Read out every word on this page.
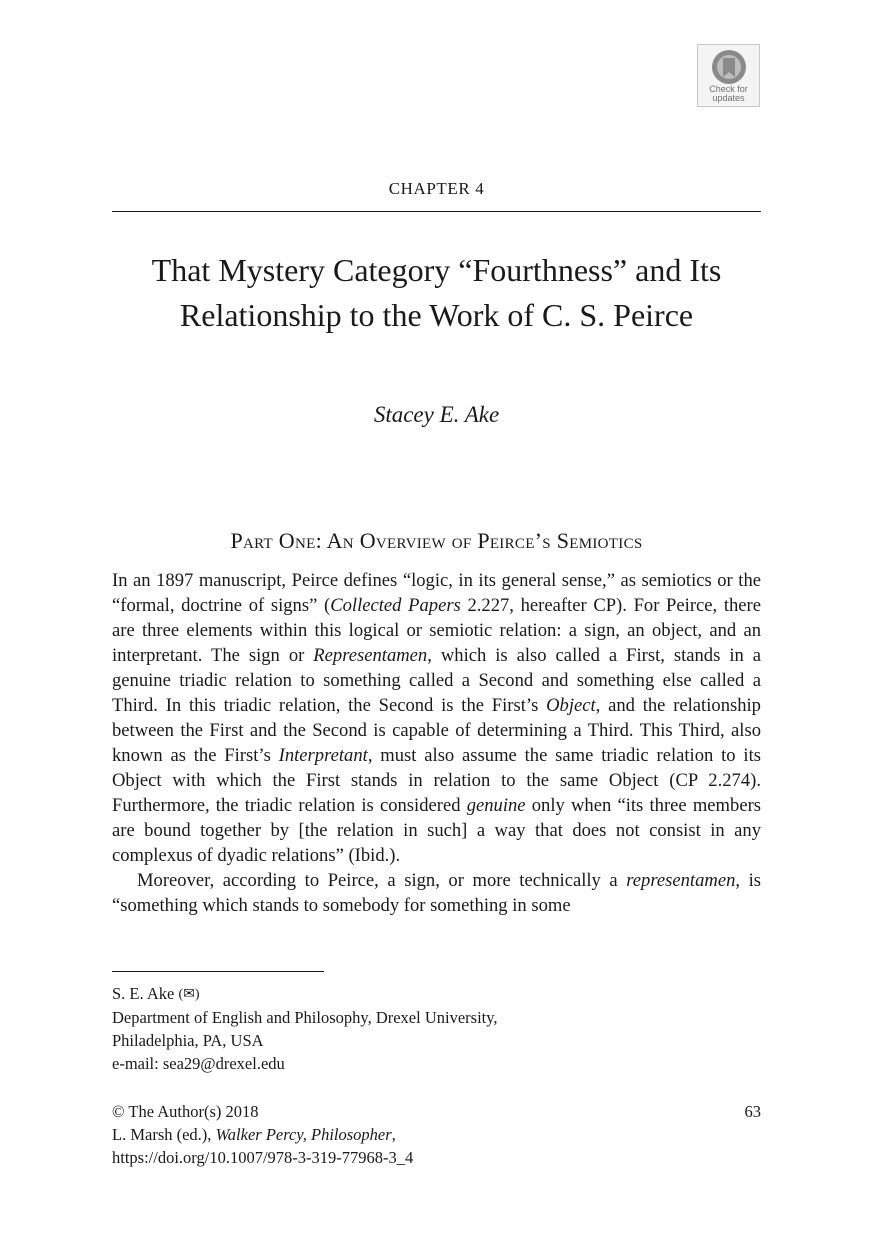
Check for
updates
CHAPTER 4
That Mystery Category “Fourthness” and Its
Relationship to the Work of C. S. Peirce
Stacey E. Ake
Part One: An Overview of Peirce’s Semiotics

In an 1897 manuscript, Peirce defines “logic, in its general sense,” as semiotics or the “formal, doctrine of signs” (Collected Papers 2.227, hereafter CP). For Peirce, there are three elements within this logical or semiotic relation: a sign, an object, and an interpretant. The sign or Representamen, which is also called a First, stands in a genuine triadic relation to something called a Second and something else called a Third. In this triadic relation, the Second is the First’s Object, and the relationship between the First and the Second is capable of determining a Third. This Third, also known as the First’s Interpretant, must also assume the same triadic relation to its Object with which the First stands in relation to the same Object (CP 2.274). Furthermore, the triadic relation is considered genuine only when “its three members are bound together by [the relation in such] a way that does not consist in any complexus of dyadic relations” (Ibid.).

Moreover, according to Peirce, a sign, or more technically a representamen, is “something which stands to somebody for something in some

S. E. Ake (✉)
Department of English and Philosophy, Drexel University,
Philadelphia, PA, USA
e-mail: sea29@drexel.edu
© The Author(s) 2018
L. Marsh (ed.), Walker Percy, Philosopher,
https://doi.org/10.1007/978-3-319-77968-3_4
63
